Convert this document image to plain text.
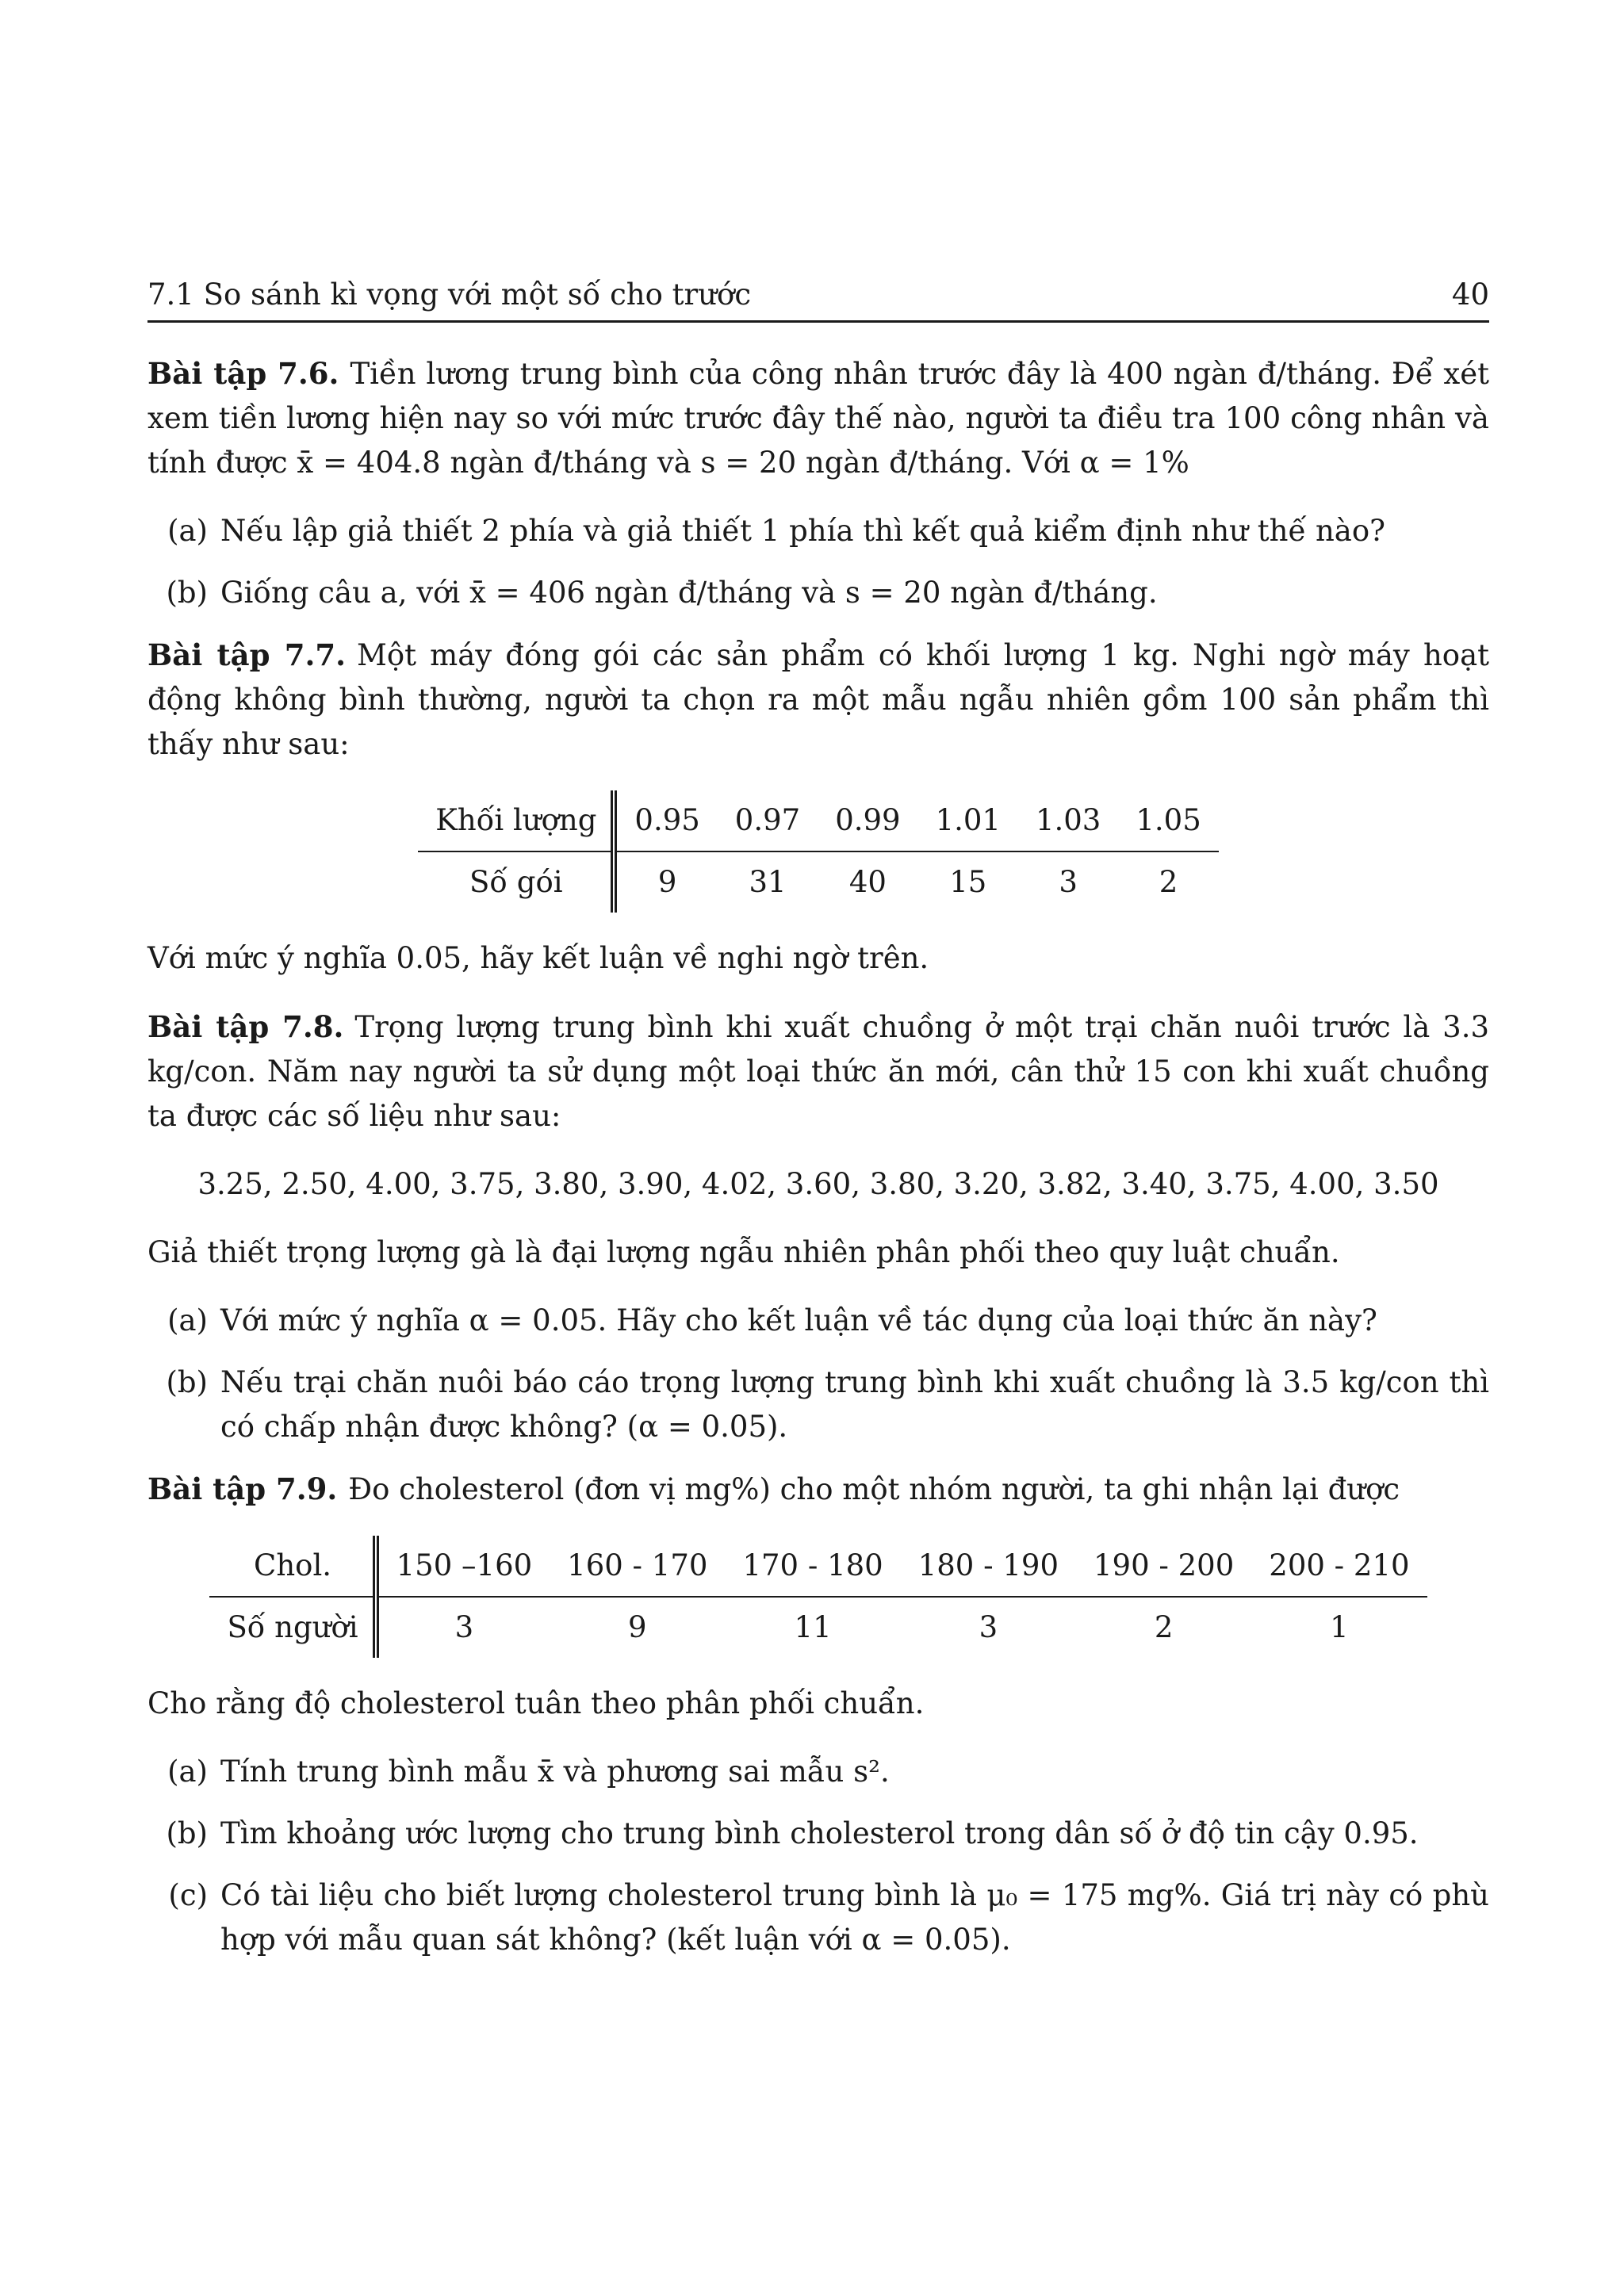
7.1 So sánh kì vọng với một số cho trước	40

Bài tập 7.6. Tiền lương trung bình của công nhân trước đây là 400 ngàn đ/tháng. Để xét xem tiền lương hiện nay so với mức trước đây thế nào, người ta điều tra 100 công nhân và tính được x̄ = 404.8 ngàn đ/tháng và s = 20 ngàn đ/tháng. Với α = 1%

(a) Nếu lập giả thiết 2 phía và giả thiết 1 phía thì kết quả kiểm định như thế nào?
(b) Giống câu a, với x̄ = 406 ngàn đ/tháng và s = 20 ngàn đ/tháng.

Bài tập 7.7. Một máy đóng gói các sản phẩm có khối lượng 1 kg. Nghi ngờ máy hoạt động không bình thường, người ta chọn ra một mẫu ngẫu nhiên gồm 100 sản phẩm thì thấy như sau:

Khối lượng	0.95	0.97	0.99	1.01	1.03	1.05
Số gói	9	31	40	15	3	2

Với mức ý nghĩa 0.05, hãy kết luận về nghi ngờ trên.

Bài tập 7.8. Trọng lượng trung bình khi xuất chuồng ở một trại chăn nuôi trước là 3.3 kg/con. Năm nay người ta sử dụng một loại thức ăn mới, cân thử 15 con khi xuất chuồng ta được các số liệu như sau:

3.25, 2.50, 4.00, 3.75, 3.80, 3.90, 4.02, 3.60, 3.80, 3.20, 3.82, 3.40, 3.75, 4.00, 3.50

Giả thiết trọng lượng gà là đại lượng ngẫu nhiên phân phối theo quy luật chuẩn.

(a) Với mức ý nghĩa α = 0.05. Hãy cho kết luận về tác dụng của loại thức ăn này?
(b) Nếu trại chăn nuôi báo cáo trọng lượng trung bình khi xuất chuồng là 3.5 kg/con thì có chấp nhận được không? (α = 0.05).

Bài tập 7.9. Đo cholesterol (đơn vị mg%) cho một nhóm người, ta ghi nhận lại được

Chol.	150 –160	160 - 170	170 - 180	180 - 190	190 - 200	200 - 210
Số người	3	9	11	3	2	1

Cho rằng độ cholesterol tuân theo phân phối chuẩn.

(a) Tính trung bình mẫu x̄ và phương sai mẫu s².
(b) Tìm khoảng ước lượng cho trung bình cholesterol trong dân số ở độ tin cậy 0.95.
(c) Có tài liệu cho biết lượng cholesterol trung bình là μ₀ = 175 mg%. Giá trị này có phù hợp với mẫu quan sát không? (kết luận với α = 0.05).
